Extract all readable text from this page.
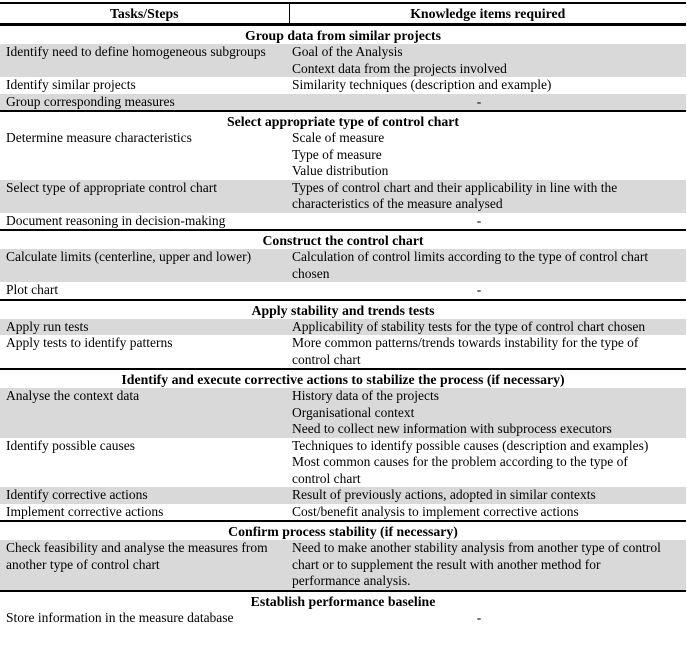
Tasks/Steps	Knowledge items required
Group data from similar projects	
Identify need to define homogeneous subgroups	Goal of the Analysis
Context data from the projects involved

Identify similar projects	Similarity techniques (description and example)

Group corresponding measures	-

Select appropriate type of control chart	
Determine measure characteristics	Scale of measure
Type of measure
Value distribution

Select type of appropriate control chart	Types of control chart and their applicability in line with the characteristics of the measure analysed

Document reasoning in decision-making	-

Construct the control chart	
Calculate limits (centerline, upper and lower)	Calculation of control limits according to the type of control chart chosen

Plot chart	-

Apply stability and trends tests	
Apply run tests	Applicability of stability tests for the type of control chart chosen

Apply tests to identify patterns	More common patterns/trends towards instability for the type of control chart

Identify and execute corrective actions to stabilize the process (if necessary)	
Analyse the context data	History data of the projects
Organisational context
Need to collect new information with subprocess executors

Identify possible causes	Techniques to identify possible causes (description and examples)
Most common causes for the problem according to the type of control chart

Identify corrective actions	Result of previously actions, adopted in similar contexts

Implement corrective actions	Cost/benefit analysis to implement corrective actions

Confirm process stability (if necessary)	
Check feasibility and analyse the measures from another type of control chart	Need to make another stability analysis from another type of control chart or to supplement the result with another method for performance analysis.

Establish performance baseline	
Store information in the measure database	-
